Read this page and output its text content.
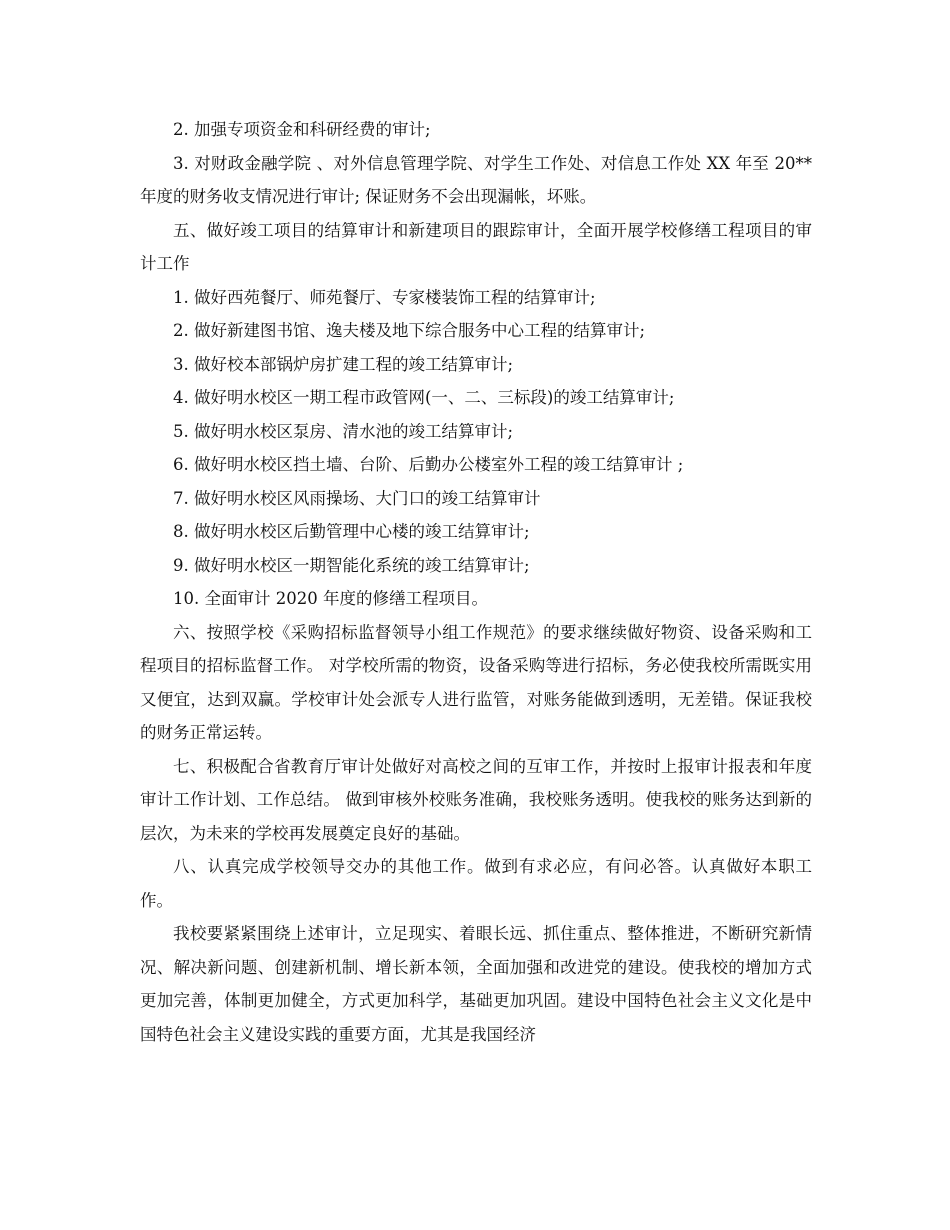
2. 加强专项资金和科研经费的审计;

3. 对财政金融学院 、对外信息管理学院、对学生工作处、对信息工作处 XX 年至 20**年度的财务收支情况进行审计; 保证财务不会出现漏帐，坏账。

五、做好竣工项目的结算审计和新建项目的跟踪审计，全面开展学校修缮工程项目的审计工作

1. 做好西苑餐厅、师苑餐厅、专家楼装饰工程的结算审计;

2. 做好新建图书馆、逸夫楼及地下综合服务中心工程的结算审计;

3. 做好校本部锅炉房扩建工程的竣工结算审计;

4. 做好明水校区一期工程市政管网(一、二、三标段)的竣工结算审计;

5. 做好明水校区泵房、清水池的竣工结算审计;

6. 做好明水校区挡土墙、台阶、后勤办公楼室外工程的竣工结算审计 ;

7. 做好明水校区风雨操场、大门口的竣工结算审计

8. 做好明水校区后勤管理中心楼的竣工结算审计;

9. 做好明水校区一期智能化系统的竣工结算审计;

10. 全面审计 2020 年度的修缮工程项目。

六、按照学校《采购招标监督领导小组工作规范》的要求继续做好物资、设备采购和工程项目的招标监督工作。 对学校所需的物资，设备采购等进行招标，务必使我校所需既实用又便宜，达到双赢。学校审计处会派专人进行监管，对账务能做到透明，无差错。保证我校的财务正常运转。

七、积极配合省教育厅审计处做好对高校之间的互审工作，并按时上报审计报表和年度审计工作计划、工作总结。 做到审核外校账务准确，我校账务透明。使我校的账务达到新的层次，为未来的学校再发展奠定良好的基础。

八、认真完成学校领导交办的其他工作。做到有求必应，有问必答。认真做好本职工作。

我校要紧紧围绕上述审计，立足现实、着眼长远、抓住重点、整体推进，不断研究新情况、解决新问题、创建新机制、增长新本领，全面加强和改进党的建设。使我校的增加方式更加完善，体制更加健全，方式更加科学，基础更加巩固。建设中国特色社会主义文化是中国特色社会主义建设实践的重要方面，尤其是我国经济
